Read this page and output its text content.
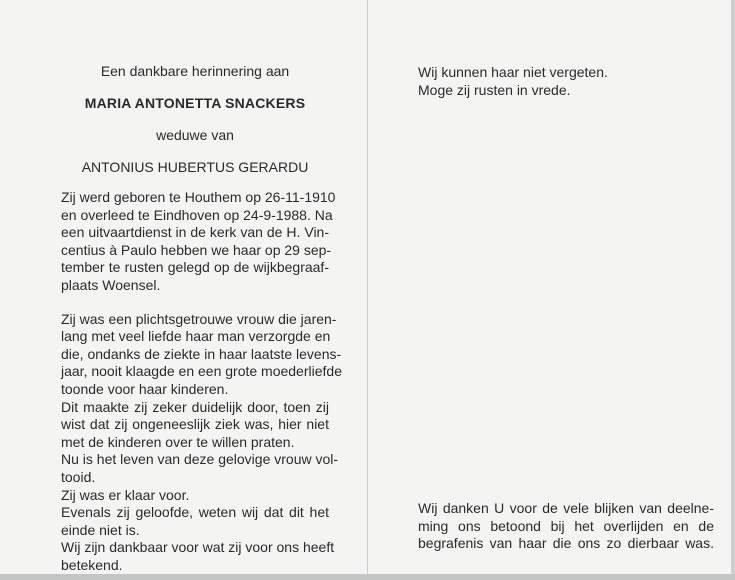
Een dankbare herinnering aan
MARIA ANTONETTA SNACKERS
weduwe van
ANTONIUS HUBERTUS GERARDU

Zij werd geboren te Houthem op 26-11-1910

en overleed te Eindhoven op 24-9-1988. Na

een uitvaartdienst in de kerk van de H. Vin-

centius à Paulo hebben we haar op 29 sep-

tember te rusten gelegd op de wijkbegraaf-

plaats Woensel.

Zij was een plichtsgetrouwe vrouw die jaren-

lang met veel liefde haar man verzorgde en

die, ondanks de ziekte in haar laatste levens-

jaar, nooit klaagde en een grote moederliefde

toonde voor haar kinderen.

Dit maakte zij zeker duidelijk door, toen zij

wist dat zij ongeneeslijk ziek was, hier niet

met de kinderen over te willen praten.

Nu is het leven van deze gelovige vrouw vol-

tooid.

Zij was er klaar voor.

Evenals zij geloofde, weten wij dat dit het

einde niet is.

Wij zijn dankbaar voor wat zij voor ons heeft

betekend.

Wij kunnen haar niet vergeten.

Moge zij rusten in vrede.

Wij danken U voor de vele blijken van deelne-

ming ons betoond bij het overlijden en de

begrafenis van haar die ons zo dierbaar was.
